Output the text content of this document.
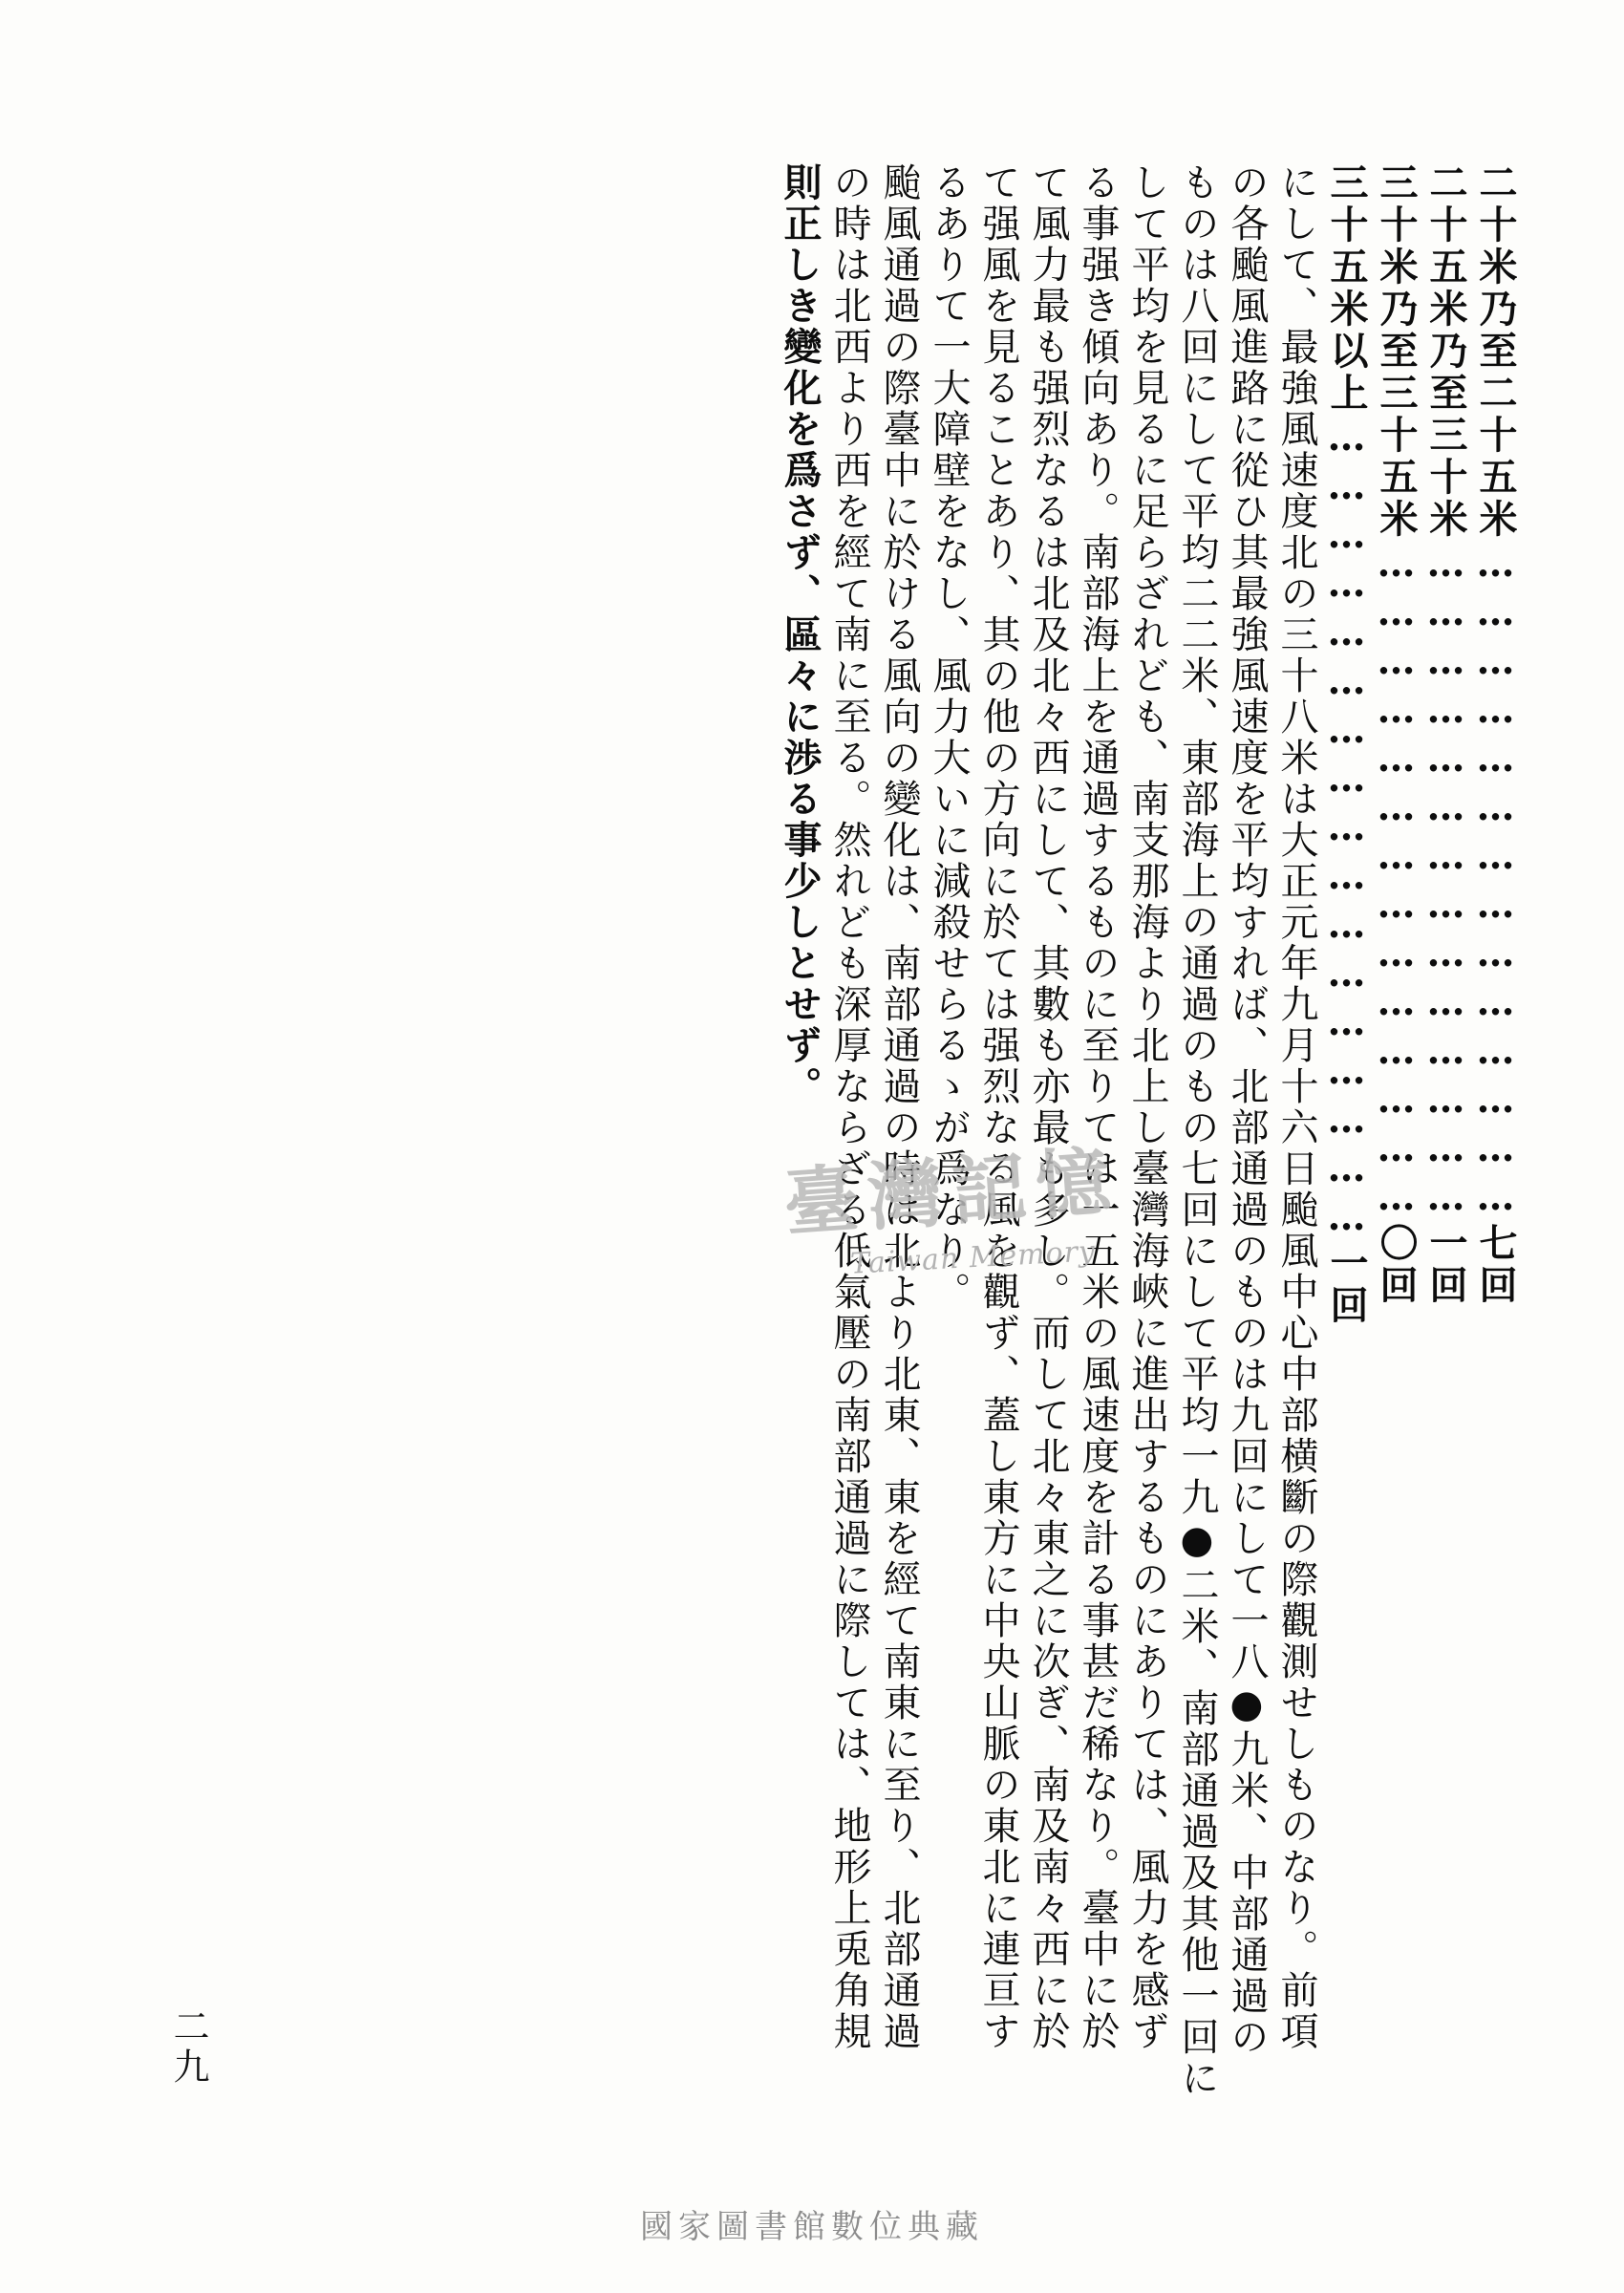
二十米乃至二十五米……………………………………七回
二十五米乃至三十米……………………………………一回
三十米乃至三十五米……………………………………〇回
三十五米以上……………………………………………一回
にして、最強風速度北の三十八米は大正元年九月十六日颱風中心中部横斷の際觀測せしものなり。前項
の各颱風進路に從ひ其最強風速度を平均すれば、北部通過のものは九回にして一八●九米、中部通過の
ものは八回にして平均二二米、東部海上の通過のもの七回にして平均一九●二米、南部通過及其他一回に
して平均を見るに足らざれども、南支那海より北上し臺灣海峽に進出するものにありては、風力を感ず
る事强き傾向あり。南部海上を通過するものに至りては一五米の風速度を計る事甚だ稀なり。臺中に於
て風力最も强烈なるは北及北々西にして、其數も亦最も多し。而して北々東之に次ぎ、南及南々西に於
て强風を見ることあり、其の他の方向に於ては强烈なる風を觀ず、蓋し東方に中央山脈の東北に連亘す
るありて一大障壁をなし、風力大いに減殺せらるゝが爲なり。
颱風通過の際臺中に於ける風向の變化は、南部通過の時は北より北東、東を經て南東に至り、北部通過
の時は北西より西を經て南に至る。然れども深厚ならざる低氣壓の南部通過に際しては、地形上兎角規
則正しき變化を爲さず、區々に渉る事少しとせず。
臺灣記憶
Taiwan Memory
二九
國家圖書館數位典藏
